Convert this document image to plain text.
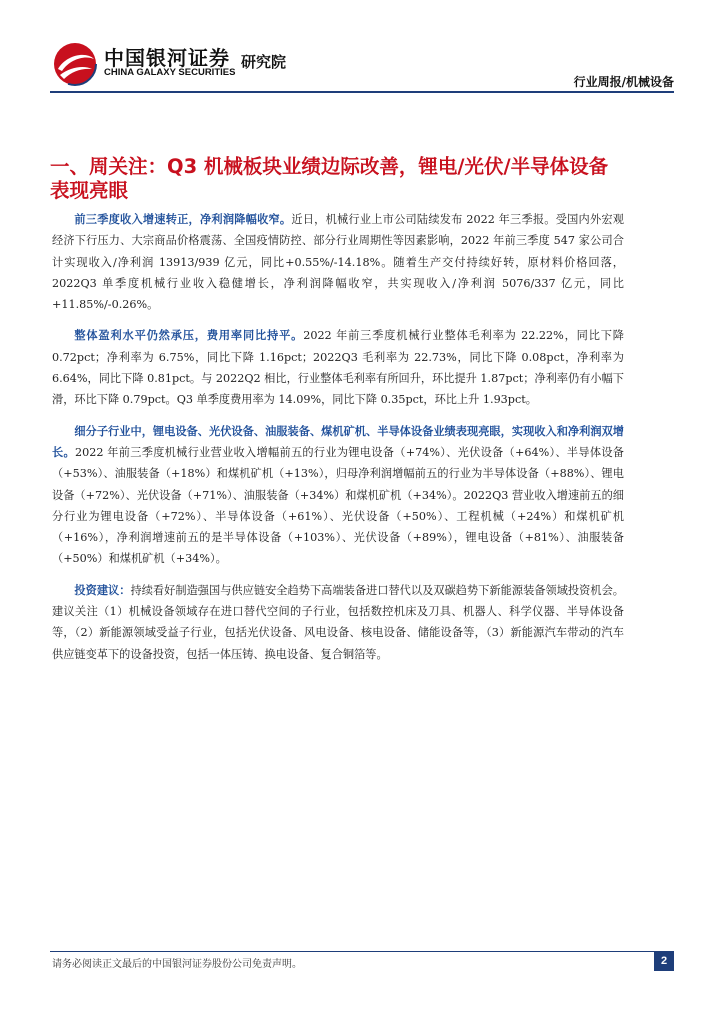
中国银河证券
CHINA GALAXY SECURITIES
研究院
行业周报/机械设备
一、周关注：Q3 机械板块业绩边际改善，锂电/光伏/半导体设备表现亮眼

前三季度收入增速转正，净利润降幅收窄。近日，机械行业上市公司陆续发布 2022 年三季报。受国内外宏观经济下行压力、大宗商品价格震荡、全国疫情防控、部分行业周期性等因素影响，2022 年前三季度 547 家公司合计实现收入/净利润 13913/939 亿元，同比+0.55%/-14.18%。随着生产交付持续好转，原材料价格回落，2022Q3 单季度机械行业收入稳健增长，净利润降幅收窄，共实现收入/净利润 5076/337 亿元，同比+11.85%/-0.26%。

整体盈利水平仍然承压，费用率同比持平。2022 年前三季度机械行业整体毛利率为 22.22%，同比下降 0.72pct；净利率为 6.75%，同比下降 1.16pct；2022Q3 毛利率为 22.73%，同比下降 0.08pct，净利率为 6.64%，同比下降 0.81pct。与 2022Q2 相比，行业整体毛利率有所回升，环比提升 1.87pct；净利率仍有小幅下滑，环比下降 0.79pct。Q3 单季度费用率为 14.09%，同比下降 0.35pct，环比上升 1.93pct。

细分子行业中，锂电设备、光伏设备、油服装备、煤机矿机、半导体设备业绩表现亮眼，实现收入和净利润双增长。2022 年前三季度机械行业营业收入增幅前五的行业为锂电设备（+74%）、光伏设备（+64%）、半导体设备（+53%）、油服装备（+18%）和煤机矿机（+13%），归母净利润增幅前五的行业为半导体设备（+88%）、锂电设备（+72%）、光伏设备（+71%）、油服装备（+34%）和煤机矿机（+34%）。2022Q3 营业收入增速前五的细分行业为锂电设备（+72%）、半导体设备（+61%）、光伏设备（+50%）、工程机械（+24%）和煤机矿机（+16%），净利润增速前五的是半导体设备（+103%）、光伏设备（+89%），锂电设备（+81%）、油服装备（+50%）和煤机矿机（+34%）。

投资建议：持续看好制造强国与供应链安全趋势下高端装备进口替代以及双碳趋势下新能源装备领域投资机会。建议关注（1）机械设备领域存在进口替代空间的子行业，包括数控机床及刀具、机器人、科学仪器、半导体设备等，（2）新能源领域受益子行业，包括光伏设备、风电设备、核电设备、储能设备等，（3）新能源汽车带动的汽车供应链变革下的设备投资，包括一体压铸、换电设备、复合铜箔等。

请务必阅读正文最后的中国银河证券股份公司免责声明。	2
